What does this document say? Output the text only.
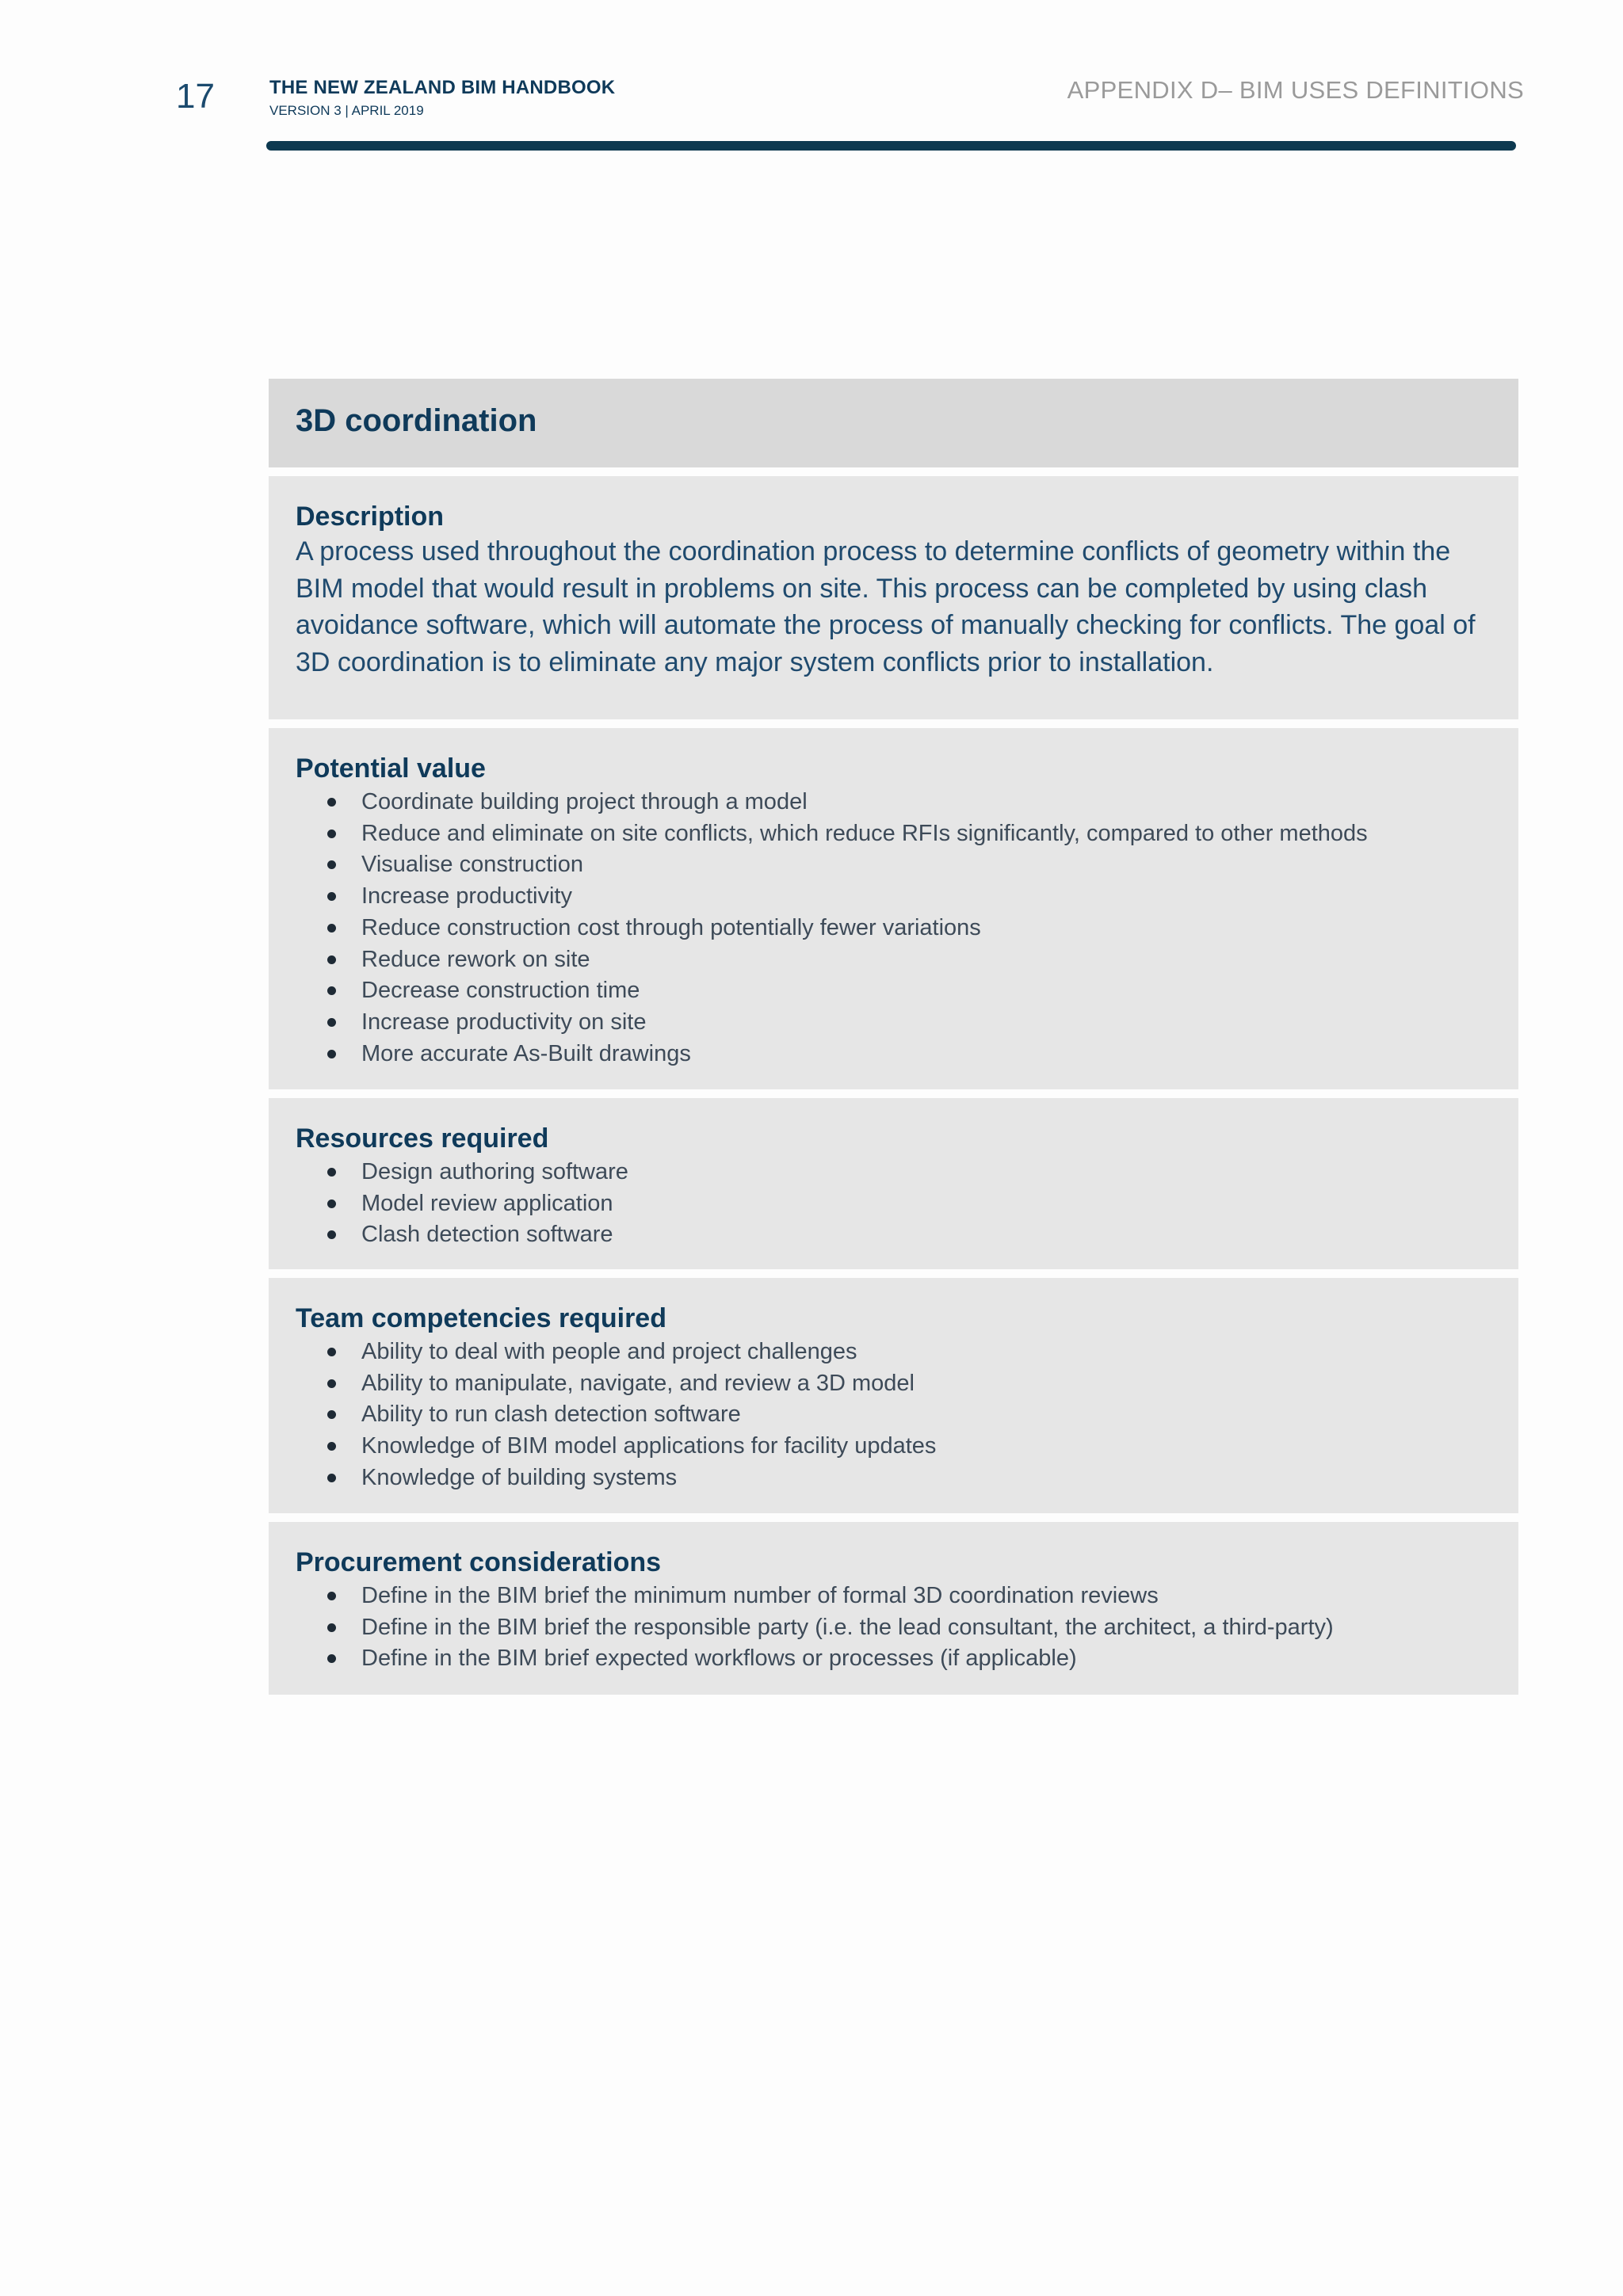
17	THE NEW ZEALAND BIM HANDBOOK
VERSION 3 | APRIL 2019
APPENDIX D– BIM USES DEFINITIONS
3D coordination
Description

A process used throughout the coordination process to determine conflicts of geometry within the BIM model that would result in problems on site. This process can be completed by using clash avoidance software, which will automate the process of manually checking for conflicts. The goal of 3D coordination is to eliminate any major system conflicts prior to installation.

Potential value
Coordinate building project through a model
Reduce and eliminate on site conflicts, which reduce RFIs significantly, compared to other methods
Visualise construction
Increase productivity
Reduce construction cost through potentially fewer variations
Reduce rework on site
Decrease construction time
Increase productivity on site
More accurate As-Built drawings
Resources required
Design authoring software
Model review application
Clash detection software
Team competencies required
Ability to deal with people and project challenges
Ability to manipulate, navigate, and review a 3D model
Ability to run clash detection software
Knowledge of BIM model applications for facility updates
Knowledge of building systems
Procurement considerations
Define in the BIM brief the minimum number of formal 3D coordination reviews
Define in the BIM brief the responsible party (i.e. the lead consultant, the architect, a third-party)
Define in the BIM brief expected workflows or processes (if applicable)
